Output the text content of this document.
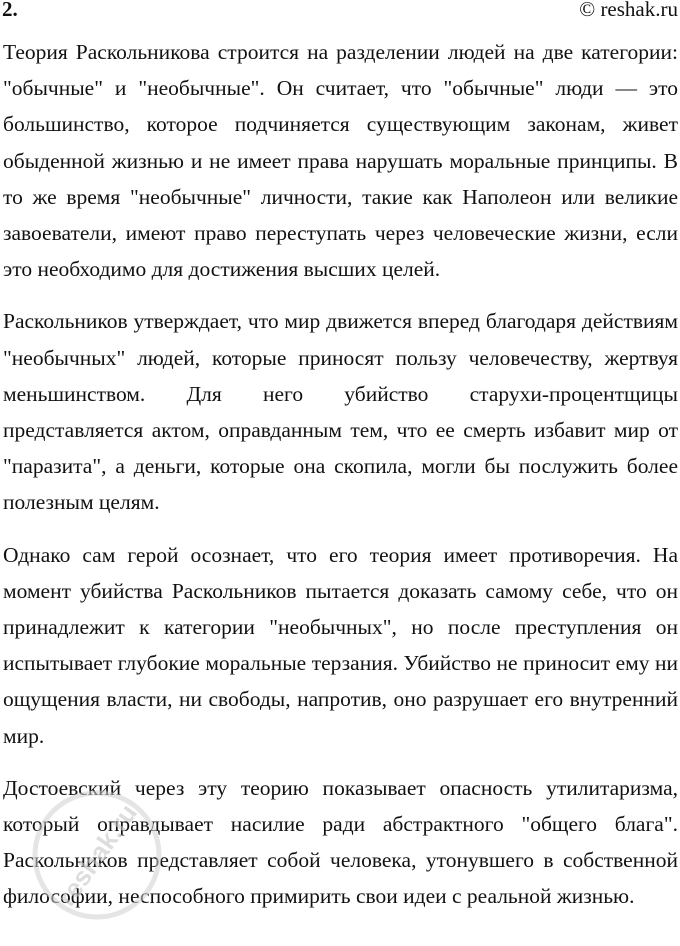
2.	© reshak.ru

Теория Раскольникова строится на разделении людей на две категории: "обычные" и "необычные". Он считает, что "обычные" люди — это большинство, которое подчиняется существующим законам, живет обыденной жизнью и не имеет права нарушать моральные принципы. В то же время "необычные" личности, такие как Наполеон или великие завоеватели, имеют право переступать через человеческие жизни, если это необходимо для достижения высших целей.

Раскольников утверждает, что мир движется вперед благодаря действиям "необычных" людей, которые приносят пользу человечеству, жертвуя меньшинством. Для него убийство старухи-процентщицы представляется актом, оправданным тем, что ее смерть избавит мир от "паразита", а деньги, которые она скопила, могли бы послужить более полезным целям.

Однако сам герой осознает, что его теория имеет противоречия. На момент убийства Раскольников пытается доказать самому себе, что он принадлежит к категории "необычных", но после преступления он испытывает глубокие моральные терзания. Убийство не приносит ему ни ощущения власти, ни свободы, напротив, оно разрушает его внутренний мир.

Достоевский через эту теорию показывает опасность утилитаризма, который оправдывает насилие ради абстрактного "общего блага". Раскольников представляет собой человека, утонувшего в собственной философии, неспособного примирить свои идеи с реальной жизнью.

reshak.ru
